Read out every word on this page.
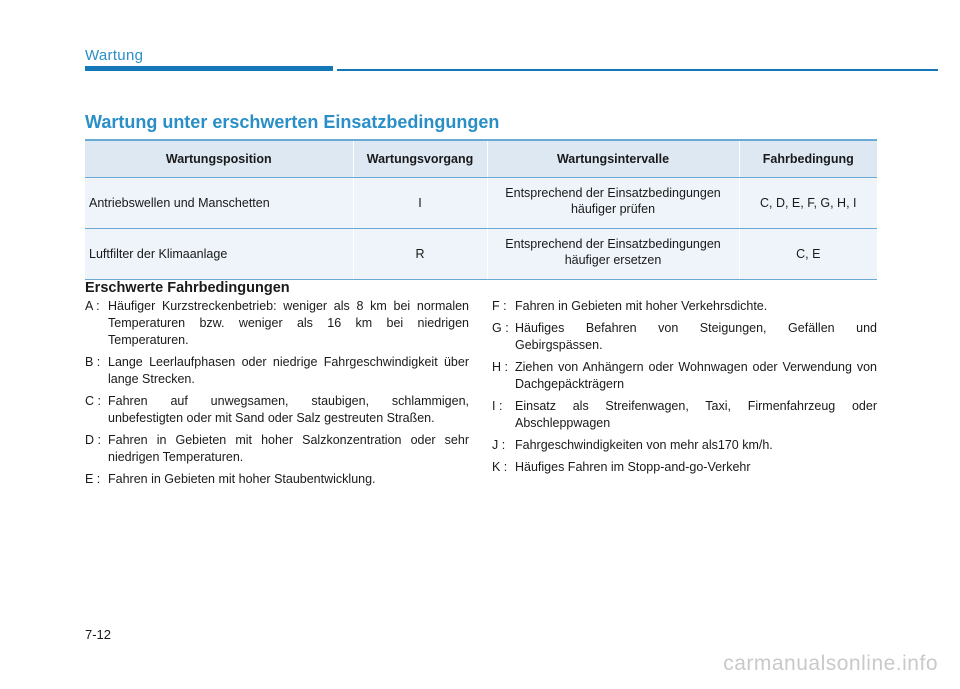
Wartung
Wartung unter erschwerten Einsatzbedingungen
Wartungsposition	Wartungsvorgang	Wartungsintervalle	Fahrbedingung
Antriebswellen und Manschetten	I	Entsprechend der Einsatzbedingungen häufiger prüfen	C, D, E, F, G, H, I
Luftfilter der Klimaanlage	R	Entsprechend der Einsatzbedingungen häufiger ersetzen	C, E
Erschwerte Fahrbedingungen
A : Häufiger Kurzstreckenbetrieb: weniger als 8 km bei normalen Temperaturen bzw. weniger als 16 km bei niedrigen Temperaturen.
B : Lange Leerlaufphasen oder niedrige Fahrgeschwindigkeit über lange Strecken.
C : Fahren auf unwegsamen, staubigen, schlammigen, unbefestigten oder mit Sand oder Salz gestreuten Straßen.
D : Fahren in Gebieten mit hoher Salzkonzentration oder sehr niedrigen Temperaturen.
E : Fahren in Gebieten mit hoher Staubentwicklung.
F : Fahren in Gebieten mit hoher Verkehrsdichte.
G : Häufiges Befahren von Steigungen, Gefällen und Gebirgspässen.
H : Ziehen von Anhängern oder Wohnwagen oder Verwendung von Dachgepäckträgern
I :	Einsatz als Streifenwagen, Taxi, Firmenfahrzeug oder Abschleppwagen
J : Fahrgeschwindigkeiten von mehr als170 km/h.
K : Häufiges Fahren im Stopp-and-go-Verkehr
7-12
carmanualsonline.info
